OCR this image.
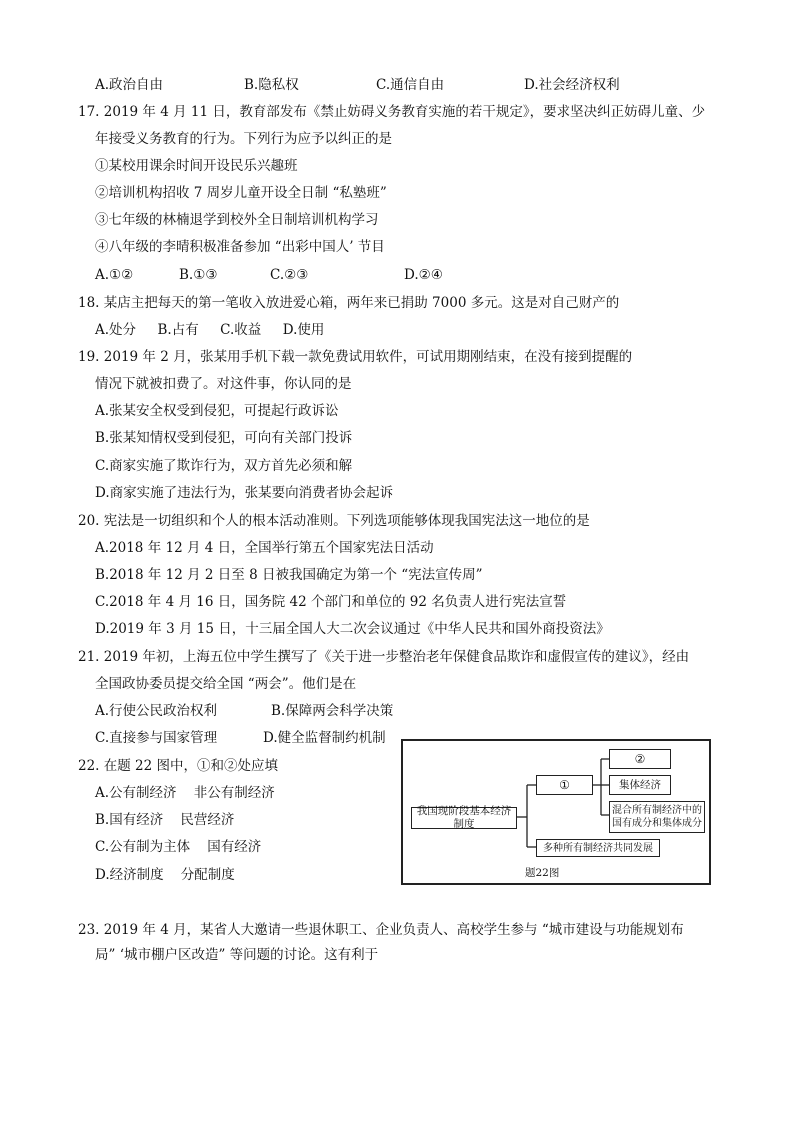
A.政治自由	B.隐私权	C.通信自由	D.社会经济权利
17. 2019 年 4 月 11 日，教育部发布《禁止妨碍义务教育实施的若干规定》，要求坚决纠正妨碍儿童、少
年接受义务教育的行为。下列行为应予以纠正的是
①某校用课余时间开设民乐兴趣班
②培训机构招收 7 周岁儿童开设全日制 “私塾班”
③七年级的林楠退学到校外全日制培训机构学习
④八年级的李晴积极准备参加 “出彩中国人’ 节目
A.①②	B.①③	C.②③	D.②④
18. 某店主把每天的第一笔收入放进爱心箱，两年来已捐助 7000 多元。这是对自己财产的
A.处分     B.占有     C.收益     D.使用
19. 2019 年 2 月，张某用手机下载一款免费试用软件，可试用期刚结束，在没有接到提醒的
情况下就被扣费了。对这件事，你认同的是
A.张某安全权受到侵犯，可提起行政诉讼
B.张某知情权受到侵犯，可向有关部门投诉
C.商家实施了欺诈行为，双方首先必须和解
D.商家实施了违法行为，张某要向消费者协会起诉
20. 宪法是一切组织和个人的根本活动准则。下列选项能够体现我国宪法这一地位的是
A.2018 年 12 月 4 日，全国举行第五个国家宪法日活动
B.2018 年 12 月 2 日至 8 日被我国确定为第一个 “宪法宣传周”
C.2018 年 4 月 16 日，国务院 42 个部门和单位的 92 名负责人进行宪法宣誓
D.2019 年 3 月 15 日，十三届全国人大二次会议通过《中华人民共和国外商投资法》
21. 2019 年初，上海五位中学生撰写了《关于进一步整治老年保健食品欺诈和虚假宣传的建议》，经由
全国政协委员提交给全国 “两会”。他们是在
A.行使公民政治权利	B.保障两会科学决策
C.直接参与国家管理	D.健全监督制约机制
22. 在题 22 图中，①和②处应填
A.公有制经济    非公有制经济
B.国有经济    民营经济
C.公有制为主体    国有经济
D.经济制度    分配制度
我国现阶段基本经济制度
①
②
集体经济
混合所有制经济中的国有成分和集体成分
多种所有制经济共同发展
题22图
23. 2019 年 4 月，某省人大邀请一些退休职工、企业负责人、高校学生参与 “城市建设与功能规划布
局” ‘城市棚户区改造” 等问题的讨论。这有利于
